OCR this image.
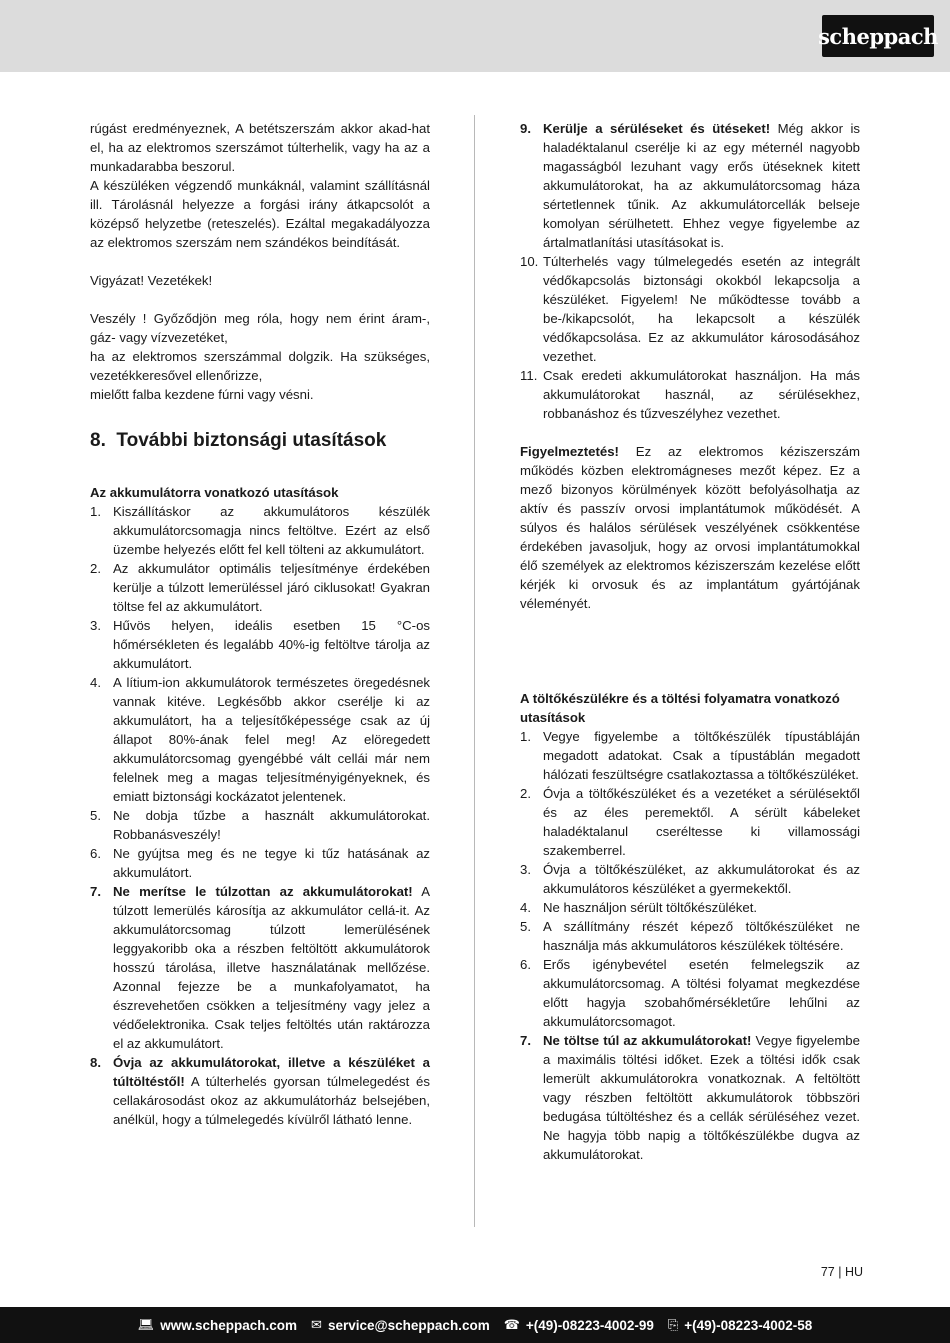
scheppach

rúgást eredményeznek, A betétszerszám akkor akad-hat el, ha az elektromos szerszámot túlterhelik, vagy ha az a munkadarabba beszorul.

A készüléken végzendő munkáknál, valamint szállításnál ill. Tárolásnál helyezze a forgási irány átkapcsolót a középső helyzetbe (reteszelés). Ezáltal megakadályozza az elektromos szerszám nem szándékos beindítását.

Vigyázat! Vezetékek!

Veszély ! Győződjön meg róla, hogy nem érint áram-, gáz- vagy vízvezetéket,

ha az elektromos szerszámmal dolgzik. Ha szükséges, vezetékkeresővel ellenőrizze,

mielőtt falba kezdene fúrni vagy vésni.

8. További biztonsági utasítások

Az akkumulátorra vonatkozó utasítások

1. Kiszállításkor az akkumulátoros készülék akkumulátorcsomagja nincs feltöltve. Ezért az első üzembe helyezés előtt fel kell tölteni az akkumulátort.
2. Az akkumulátor optimális teljesítménye érdekében kerülje a túlzott lemerüléssel járó ciklusokat! Gyakran töltse fel az akkumulátort.
3. Hűvös helyen, ideális esetben 15 °C-os hőmérsékleten és legalább 40%-ig feltöltve tárolja az akkumulátort.
4. A lítium-ion akkumulátorok természetes öregedésnek vannak kitéve. Legkésőbb akkor cserélje ki az akkumulátort, ha a teljesítőképessége csak az új állapot 80%-ának felel meg! Az elöregedett akkumulátorcsomag gyengébbé vált cellái már nem felelnek meg a magas teljesítményigényeknek, és emiatt biztonsági kockázatot jelentenek.
5. Ne dobja tűzbe a használt akkumulátorokat. Robbanásveszély!
6. Ne gyújtsa meg és ne tegye ki tűz hatásának az akkumulátort.
7. Ne merítse le túlzottan az akkumulátorokat! A túlzott lemerülés károsítja az akkumulátor cellá-it. Az akkumulátorcsomag túlzott lemerülésének leggyakoribb oka a részben feltöltött akkumulátorok hosszú tárolása, illetve használatának mellőzése. Azonnal fejezze be a munkafolyamatot, ha észrevehetően csökken a teljesítmény vagy jelez a védőelektronika. Csak teljes feltöltés után raktározza el az akkumulátort.
8. Óvja az akkumulátorokat, illetve a készüléket a túltöltéstől! A túlterhelés gyorsan túlmelegedést és cellakárosodást okoz az akkumulátorház belsejében, anélkül, hogy a túlmelegedés kívülről látható lenne.
9. Kerülje a sérüléseket és ütéseket! Még akkor is haladéktalanul cserélje ki az egy méternél nagyobb magasságból lezuhant vagy erős ütéseknek kitett akkumulátorokat, ha az akkumulátorcsomag háza sértetlennek tűnik. Az akkumulátorcellák belseje komolyan sérülhetett. Ehhez vegye figyelembe az ártalmatlanítási utasításokat is.
10. Túlterhelés vagy túlmelegedés esetén az integrált védőkapcsolás biztonsági okokból lekapcsolja a készüléket. Figyelem! Ne működtesse tovább a be-/kikapcsolót, ha lekapcsolt a készülék védőkapcsolása. Ez az akkumulátor károsodásához vezethet.
11. Csak eredeti akkumulátorokat használjon. Ha más akkumulátorokat használ, az sérülésekhez, robbanáshoz és tűzveszélyhez vezethet.

Figyelmeztetés! Ez az elektromos kéziszerszám működés közben elektromágneses mezőt képez. Ez a mező bizonyos körülmények között befolyásolhatja az aktív és passzív orvosi implantátumok működését. A súlyos és halálos sérülések veszélyének csökkentése érdekében javasoljuk, hogy az orvosi implantátumokkal élő személyek az elektromos kéziszerszám kezelése előtt kérjék ki orvosuk és az implantátum gyártójának véleményét.

A töltőkészülékre és a töltési folyamatra vonatkozó utasítások

1. Vegye figyelembe a töltőkészülék típustábláján megadott adatokat. Csak a típustáblán megadott hálózati feszültségre csatlakoztassa a töltőkészüléket.
2. Óvja a töltőkészüléket és a vezetéket a sérülésektől és az éles peremektől. A sérült kábeleket haladéktalanul cseréltesse ki villamossági szakemberrel.
3. Óvja a töltőkészüléket, az akkumulátorokat és az akkumulátoros készüléket a gyermekektől.
4. Ne használjon sérült töltőkészüléket.
5. A szállítmány részét képező töltőkészüléket ne használja más akkumulátoros készülékek töltésére.
6. Erős igénybevétel esetén felmelegszik az akkumulátorcsomag. A töltési folyamat megkezdése előtt hagyja szobahőmérsékletűre lehűlni az akkumulátorcsomagot.
7. Ne töltse túl az akkumulátorokat! Vegye figyelembe a maximális töltési időket. Ezek a töltési idők csak lemerült akkumulátorokra vonatkoznak. A feltöltött vagy részben feltöltött akkumulátorok többszöri bedugása túltöltéshez és a cellák sérüléséhez vezet. Ne hagyja több napig a töltőkészülékbe dugva az akkumulátorokat.
77 | HU
💻︎ www.scheppach.com ✉ service@scheppach.com ☎ +(49)-08223-4002-99 ⎘ +(49)-08223-4002-58
